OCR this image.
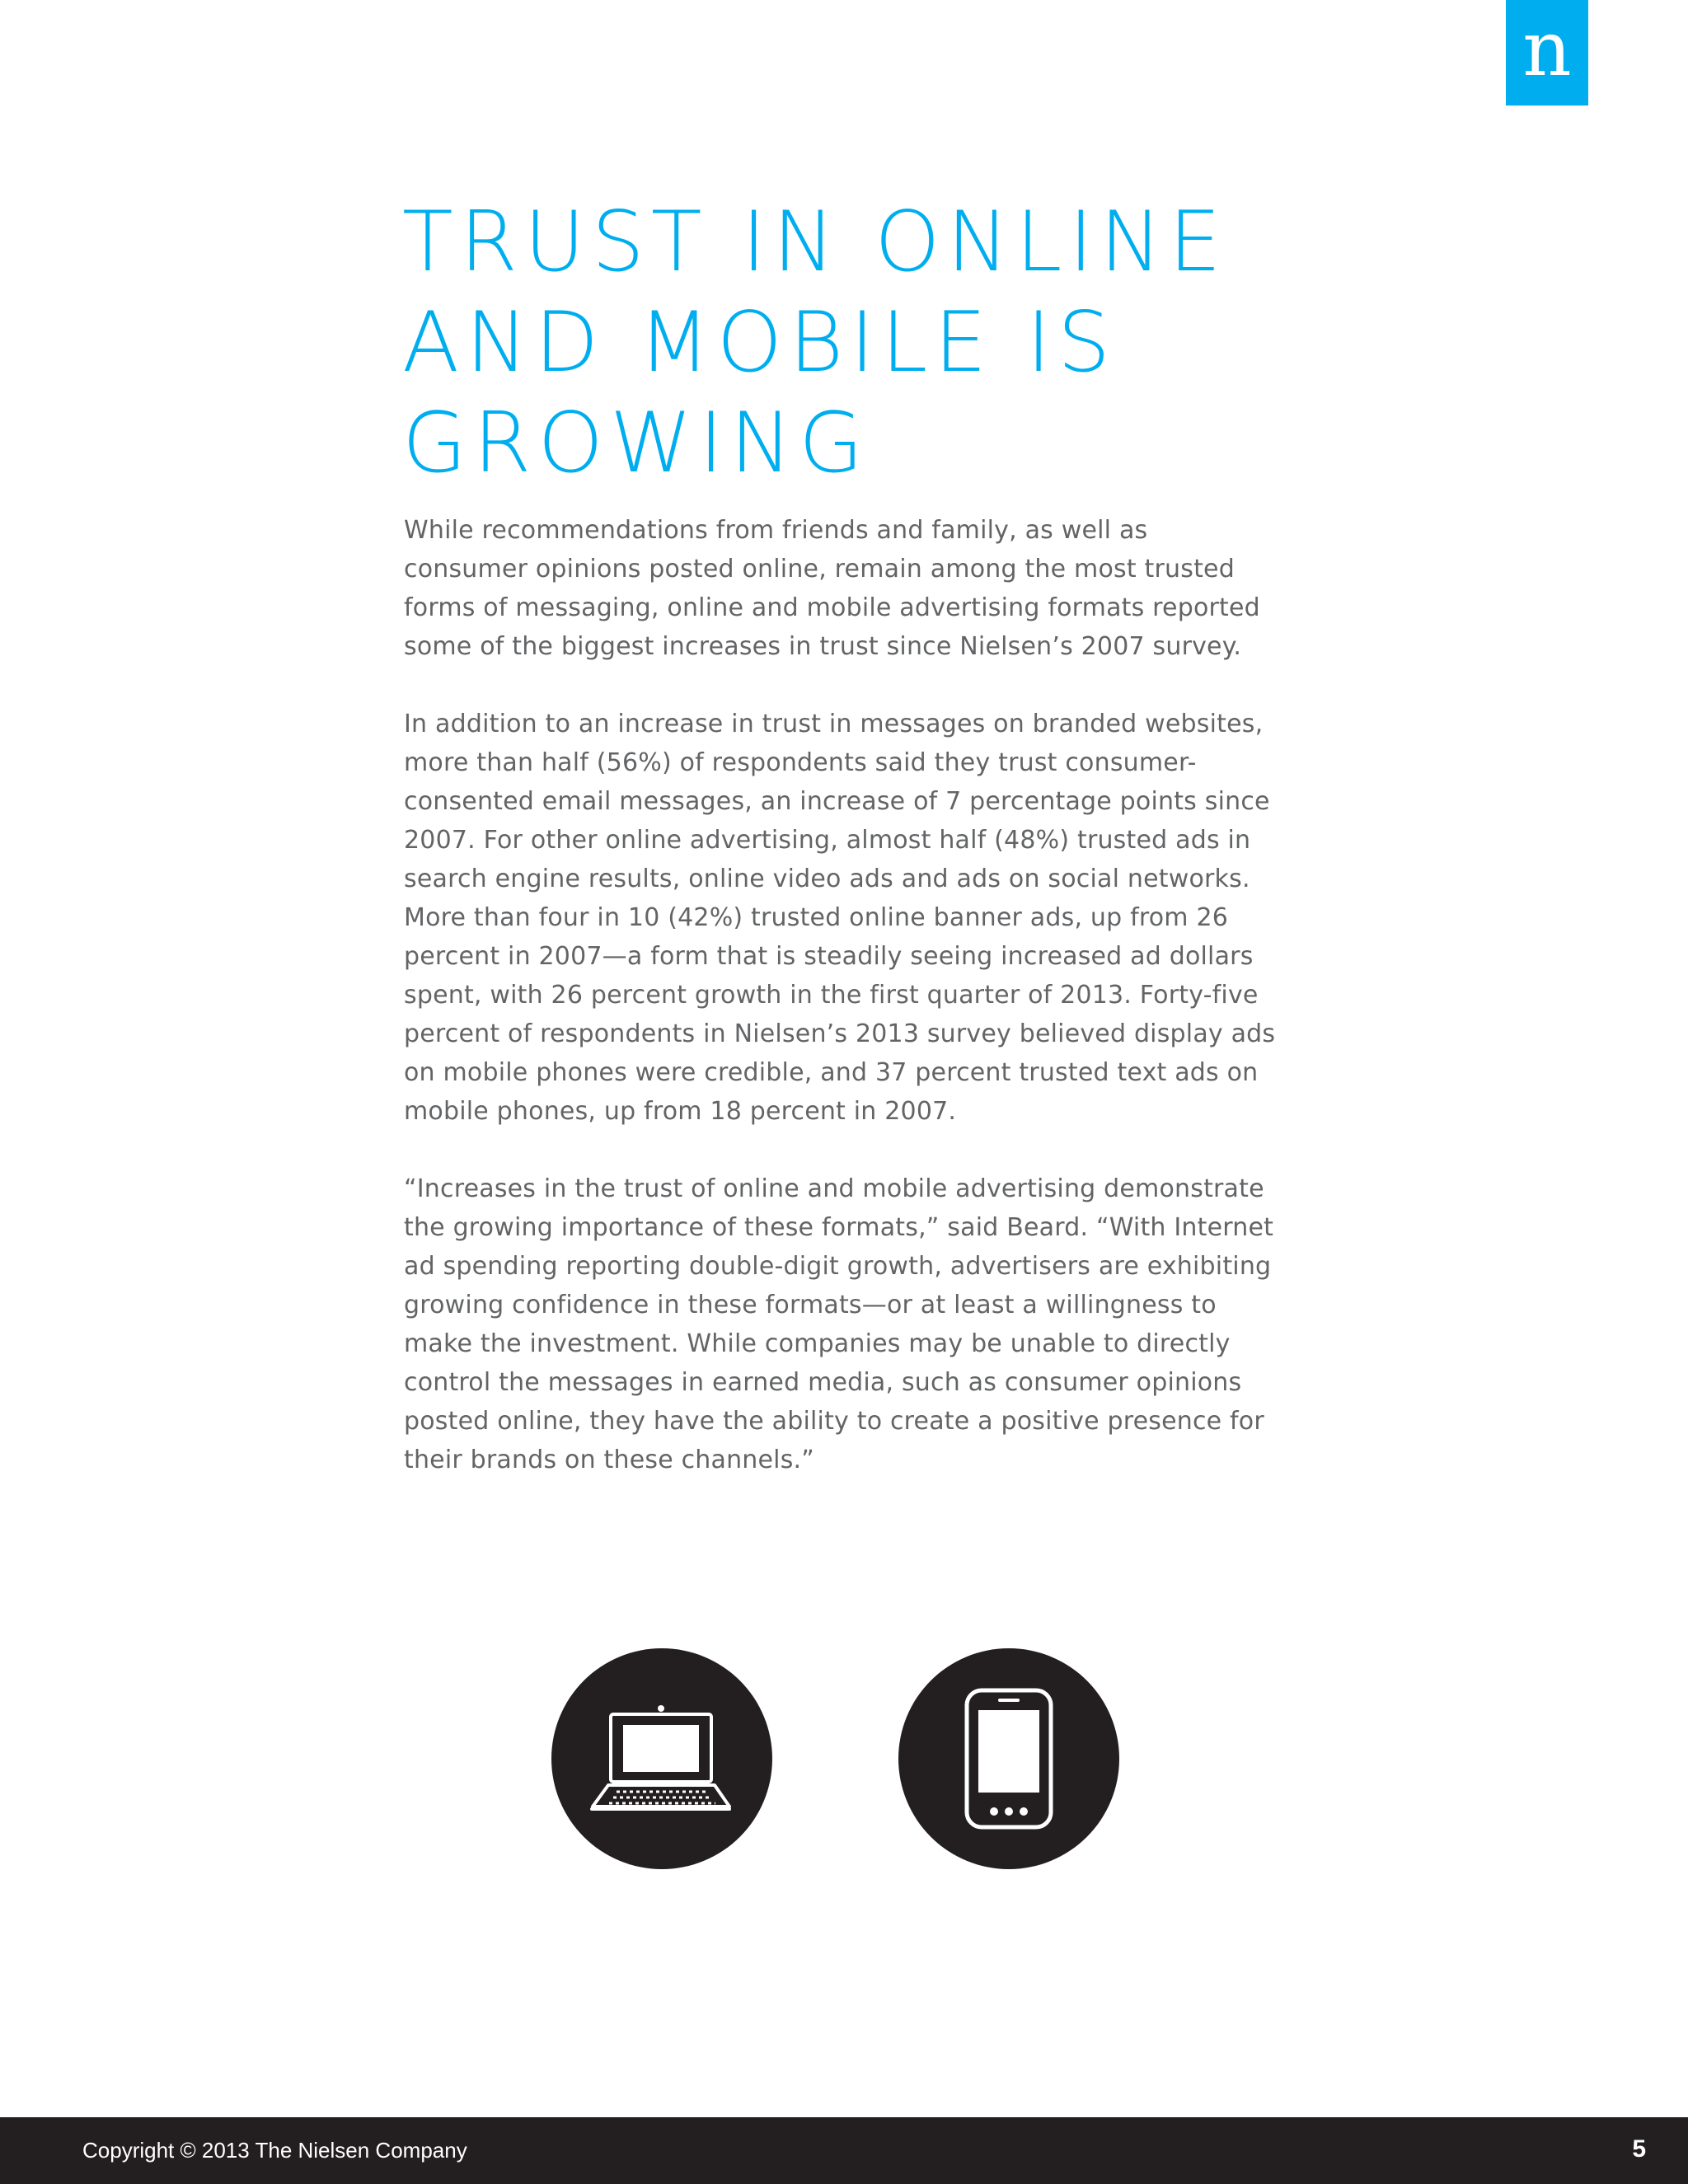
n
TRUST IN ONLINE AND MOBILE IS GROWING

While recommendations from friends and family, as well as consumer opinions posted online, remain among the most trusted forms of messaging, online and mobile advertising formats reported some of the biggest increases in trust since Nielsen’s 2007 survey.

In addition to an increase in trust in messages on branded websites, more than half (56%) of respondents said they trust consumer-consented email messages, an increase of 7 percentage points since 2007. For other online advertising, almost half (48%) trusted ads in search engine results, online video ads and ads on social networks. More than four in 10 (42%) trusted online banner ads, up from 26 percent in 2007—a form that is steadily seeing increased ad dollars spent, with 26 percent growth in the first quarter of 2013. Forty-five percent of respondents in Nielsen’s 2013 survey believed display ads on mobile phones were credible, and 37 percent trusted text ads on mobile phones, up from 18 percent in 2007.

“Increases in the trust of online and mobile advertising demonstrate the growing importance of these formats,” said Beard. “With Internet ad spending reporting double-digit growth, advertisers are exhibiting growing confidence in these formats—or at least a willingness to make the investment. While companies may be unable to directly control the messages in earned media, such as consumer opinions posted online, they have the ability to create a positive presence for their brands on these channels.”

Copyright © 2013 The Nielsen Company	5
